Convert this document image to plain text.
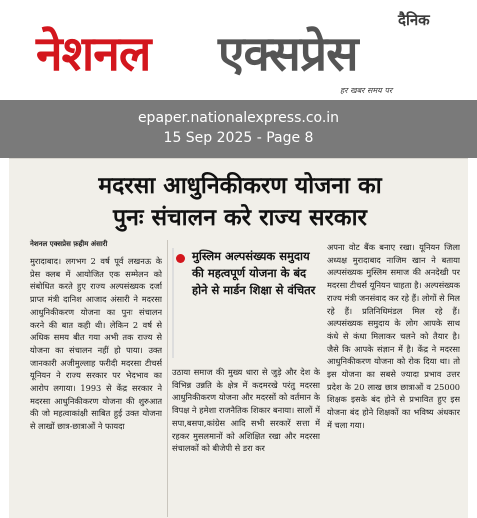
नेशनल एक्सप्रेस
दैनिक
हर खबर समय पर
epaper.nationalexpress.co.in
15 Sep 2025 - Page 8
मदरसा आधुनिकीकरण योजना का
पुनः संचालन करे राज्य सरकार
नेशनल एक्सप्रेस फ़हीम अंसारी
मुरादाबाद। लगभग 2 वर्ष पूर्व लखनऊ के प्रेस क्लब में आयोजित एक सम्मेलन को संबोधित करते हुए राज्य अल्पसंख्यक दर्जा प्राप्त मंत्री दानिश आजाद अंसारी ने मदरसा आधुनिकीकरण योजना का पुनः संचालन करने की बात कही थी। लेकिन 2 वर्ष से अधिक समय बीत गया अभी तक राज्य से योजना का संचालन नहीं हो पाया। उक्त जानकारी अजीमुल्लाह फरीदी मदरसा टीचर्स यूनियन ने राज्य सरकार पर भेदभाव का आरोप लगाया। 1993 से केंद्र सरकार ने मदरसा आधुनिकीकरण योजना की शुरुआत की जो महत्वाकांक्षी साबित हुई उक्त योजना से लाखों छात्र-छात्राओं ने फायदा
मुस्लिम अल्पसंख्यक समुदाय की महत्वपूर्ण योजना के बंद होने से मार्डन शिक्षा से वंचितर
उठाया समाज की मुख्य धारा से जुड़े और देश के विभिन्न उन्नति के क्षेत्र में कदमरखे परंतु मदरसा आधुनिकीकरण योजना और मदरसों को वर्तमान के विपक्ष ने हमेशा राजनैतिक शिकार बनाया। सालों में सपा,बसपा,कांग्रेस आदि सभी सरकारें सत्ता में रहकर मुसलमानों को अशिक्षित रखा और मदरसा संचालकों को बीजेपी से डरा कर
अपना वोट बैंक बनाए रखा। यूनियन जिला अध्यक्ष मुरादाबाद नाजिम खान ने बताया अल्पसंख्यक मुस्लिम समाज की अनदेखी पर मदरसा टीचर्स यूनियन चाहता है। अल्पसंख्यक राज्य मंत्री जनसंवाद कर रहे हैं। लोगों से मिल रहे हैं। प्रतिनिधिमंडल मिल रहे हैं। अल्पसंख्यक समुदाय के लोग आपके साथ कंधे से कंधा मिलाकर चलने को तैयार है। जैसे कि आपके संज्ञान में है। केंद्र ने मदरसा आधुनिकीकरण योजना को रोक दिया था। तो इस योजना का सबसे ज्यादा प्रभाव उत्तर प्रदेश के 20 लाख छात्र छात्राओं व 25000 शिक्षक इसके बंद होने से प्रभावित हुए इस योजना बंद होने शिक्षकों का भविष्य अंधकार में चला गया।
